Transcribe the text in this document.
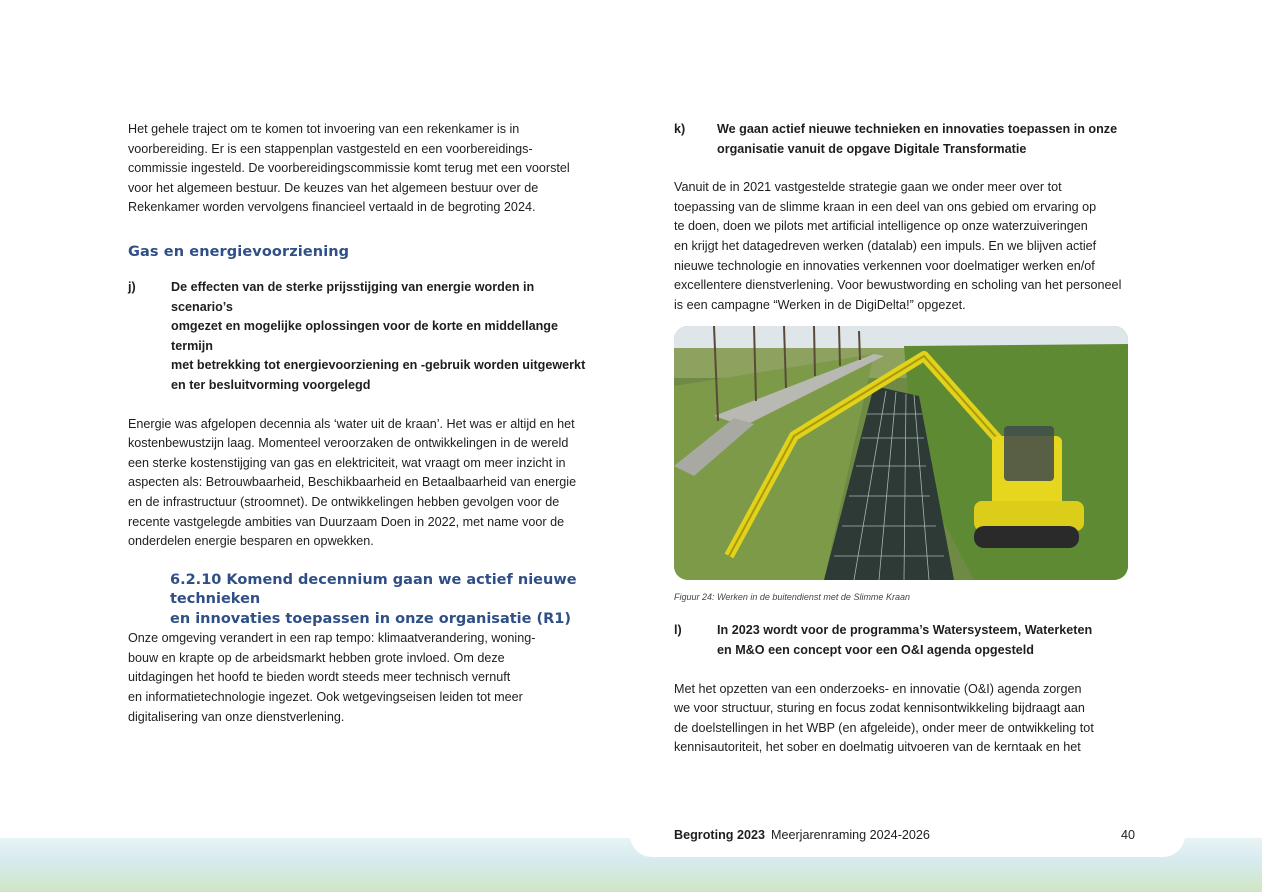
Het gehele traject om te komen tot invoering van een rekenkamer is in
voorbereiding. Er is een stappenplan vastgesteld en een voorbereidings-
commissie ingesteld. De voorbereidingscommissie komt terug met een voorstel
voor het algemeen bestuur. De keuzes van het algemeen bestuur over de
Rekenkamer worden vervolgens financieel vertaald in de begroting 2024.

Gas en energievoorziening
j)	De effecten van de sterke prijsstijging van energie worden in scenario’s
omgezet en mogelijke oplossingen voor de korte en middellange termijn
met betrekking tot energievoorziening en -gebruik worden uitgewerkt
en ter besluitvorming voorgelegd

Energie was afgelopen decennia als ‘water uit de kraan’. Het was er altijd en het
kostenbewustzijn laag. Momenteel veroorzaken de ontwikkelingen in de wereld
een sterke kostenstijging van gas en elektriciteit, wat vraagt om meer inzicht in
aspecten als: Betrouwbaarheid, Beschikbaarheid en Betaalbaarheid van energie
en de infrastructuur (stroomnet). De ontwikkelingen hebben gevolgen voor de
recente vastgelegde ambities van Duurzaam Doen in 2022, met name voor de
onderdelen energie besparen en opwekken.

6.2.10 Komend decennium gaan we actief nieuwe technieken
en innovaties toepassen in onze organisatie (R1)

Onze omgeving verandert in een rap tempo: klimaatverandering, woning-
bouw en krapte op de arbeidsmarkt hebben grote invloed. Om deze
uitdagingen het hoofd te bieden wordt steeds meer technisch vernuft
en informatietechnologie ingezet. Ook wetgevingseisen leiden tot meer
digitalisering van onze dienstverlening.

k)	We gaan actief nieuwe technieken en innovaties toepassen in onze
organisatie vanuit de opgave Digitale Transformatie

Vanuit de in 2021 vastgestelde strategie gaan we onder meer over tot
toepassing van de slimme kraan in een deel van ons gebied om ervaring op
te doen, doen we pilots met artificial intelligence op onze waterzuiveringen
en krijgt het datagedreven werken (datalab) een impuls. En we blijven actief
nieuwe technologie en innovaties verkennen voor doelmatiger werken en/of
excellentere dienstverlening. Voor bewustwording en scholing van het personeel
is een campagne “Werken in de DigiDelta!” opgezet.

Figuur 24: Werken in de buitendienst met de Slimme Kraan

l)	In 2023 wordt voor de programma’s Watersysteem, Waterketen
en M&O een concept voor een O&I agenda opgesteld

Met het opzetten van een onderzoeks- en innovatie (O&I) agenda zorgen
we voor structuur, sturing en focus zodat kennisontwikkeling bijdraagt aan
de doelstellingen in het WBP (en afgeleide), onder meer de ontwikkeling tot
kennisautoriteit, het sober en doelmatig uitvoeren van de kerntaak en het

Begroting 2023 Meerjarenraming 2024-2026	40
